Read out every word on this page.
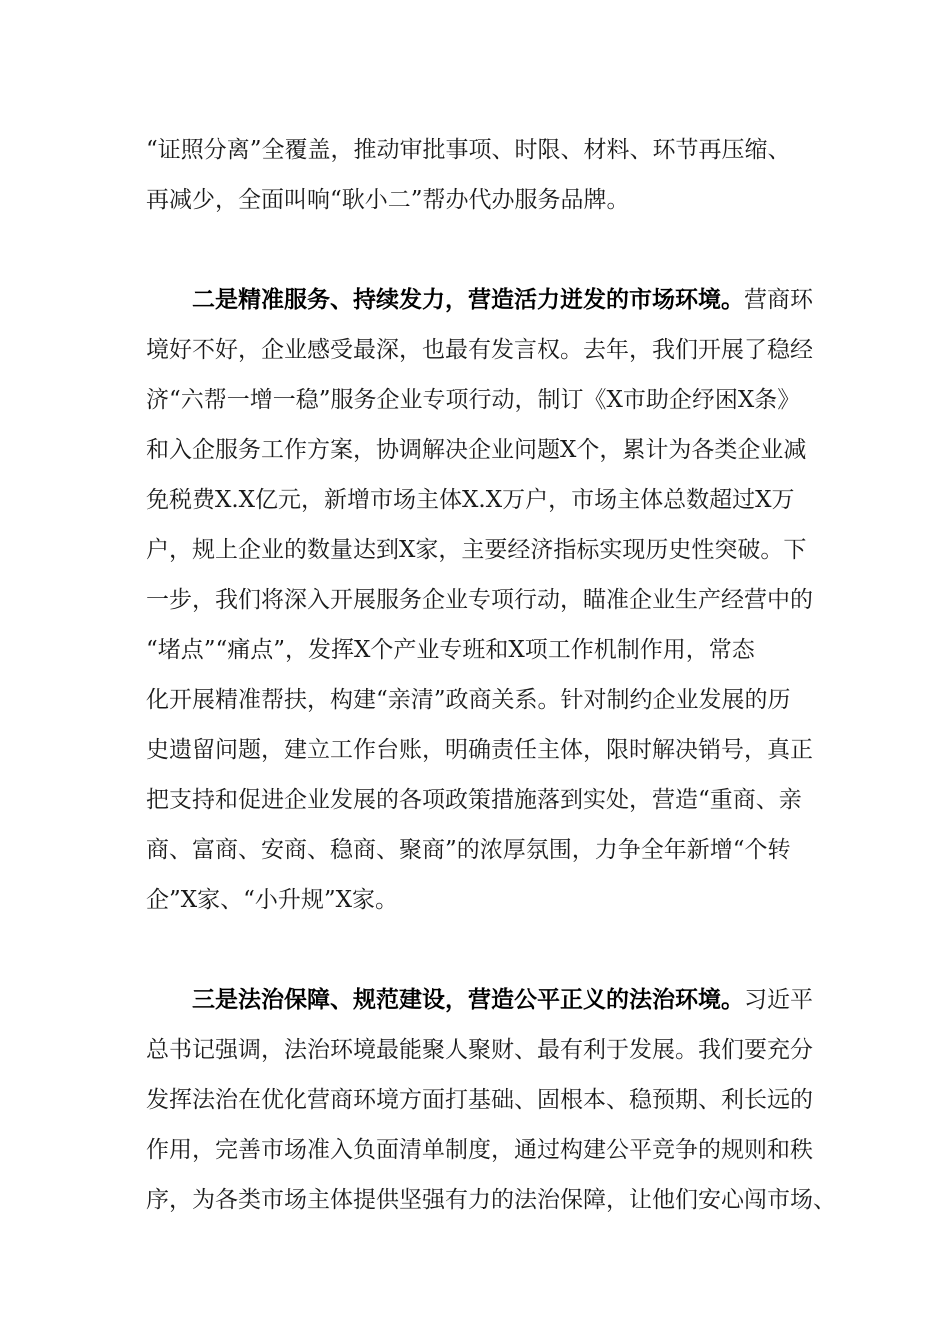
“证照分离”全覆盖，推动审批事项、时限、材料、环节再压缩、
再减少，全面叫响“耿小二”帮办代办服务品牌。
二是精准服务、持续发力，营造活力迸发的市场环境。营商环
境好不好，企业感受最深，也最有发言权。去年，我们开展了稳经
济“六帮一增一稳”服务企业专项行动，制订《X市助企纾困X条》
和入企服务工作方案，协调解决企业问题X个，累计为各类企业减
免税费X.X亿元，新增市场主体X.X万户，市场主体总数超过X万
户，规上企业的数量达到X家，主要经济指标实现历史性突破。下
一步，我们将深入开展服务企业专项行动，瞄准企业生产经营中的
“堵点”“痛点”，发挥X个产业专班和X项工作机制作用，常态
化开展精准帮扶，构建“亲清”政商关系。针对制约企业发展的历
史遗留问题，建立工作台账，明确责任主体，限时解决销号，真正
把支持和促进企业发展的各项政策措施落到实处，营造“重商、亲
商、富商、安商、稳商、聚商”的浓厚氛围，力争全年新增“个转
企”X家、“小升规”X家。
三是法治保障、规范建设，营造公平正义的法治环境。习近平
总书记强调，法治环境最能聚人聚财、最有利于发展。我们要充分
发挥法治在优化营商环境方面打基础、固根本、稳预期、利长远的
作用，完善市场准入负面清单制度，通过构建公平竞争的规则和秩
序，为各类市场主体提供坚强有力的法治保障，让他们安心闯市场、
